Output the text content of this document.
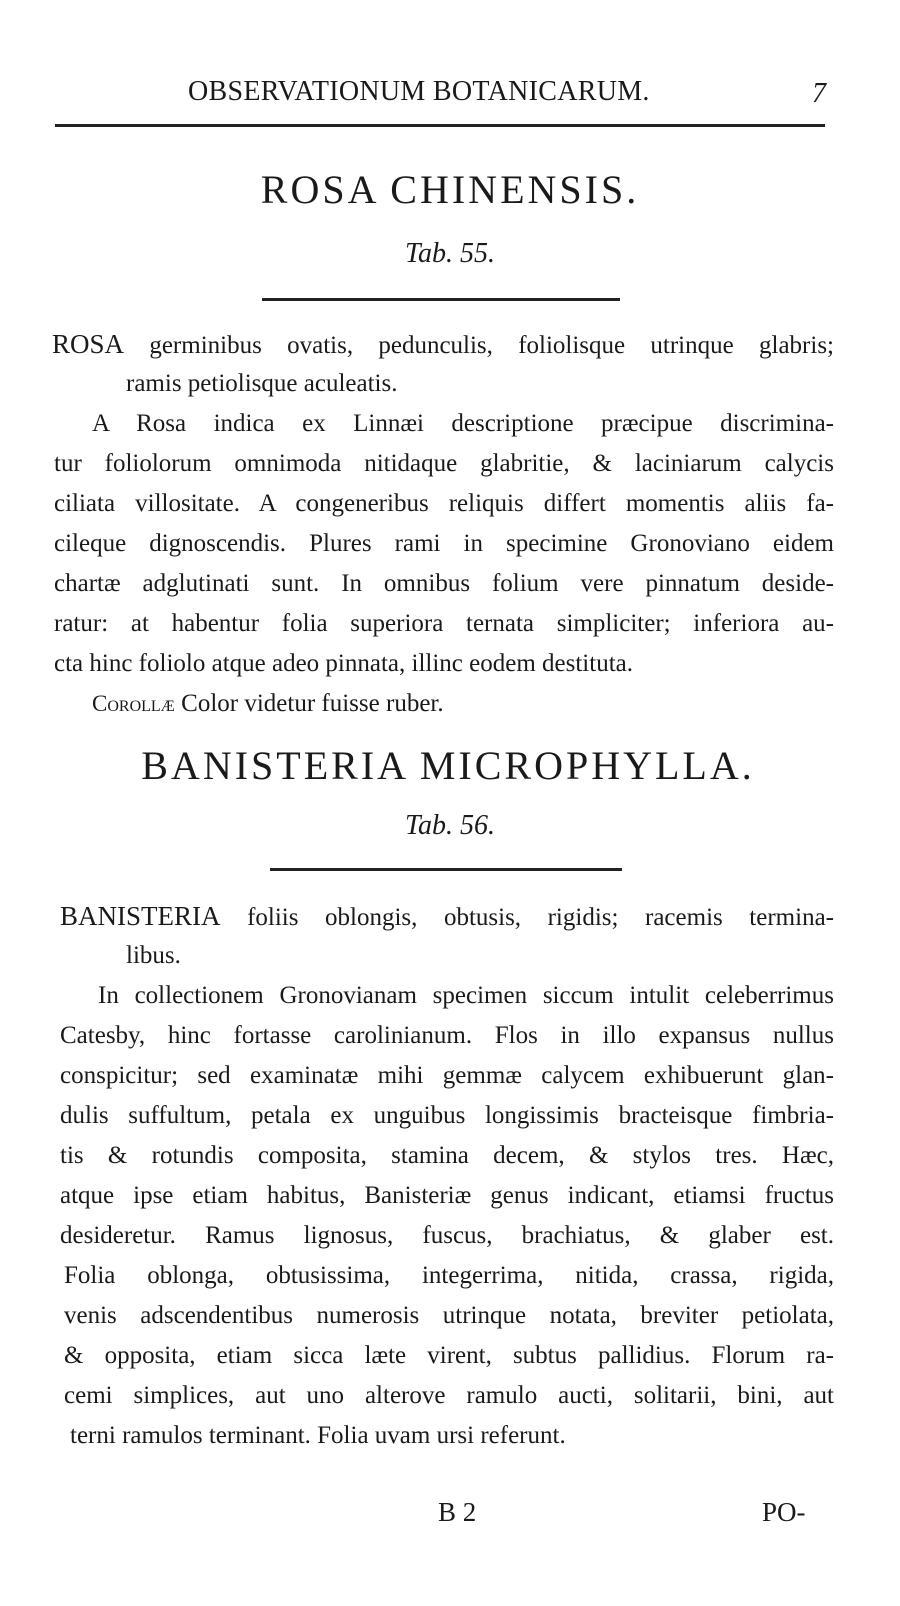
OBSERVATIONUM BOTANICARUM.	7
ROSA CHINENSIS.
Tab. 55.
ROSA germinibus ovatis, pedunculis, foliolisque utrinque glabris;
ramis petiolisque aculeatis.
A Rosa indica ex Linnæi descriptione præcipue discrimina-
tur foliolorum omnimoda nitidaque glabritie, & laciniarum calycis
ciliata villositate. A congeneribus reliquis differt momentis aliis fa-
cileque dignoscendis. Plures rami in specimine Gronoviano eidem
chartæ adglutinati sunt. In omnibus folium vere pinnatum deside-
ratur: at habentur folia superiora ternata simpliciter; inferiora au-
cta hinc foliolo atque adeo pinnata, illinc eodem destituta.
Corollæ Color videtur fuisse ruber.
BANISTERIA MICROPHYLLA.
Tab. 56.
BANISTERIA foliis oblongis, obtusis, rigidis; racemis termina-
libus.
In collectionem Gronovianam specimen siccum intulit celeberrimus
Catesby, hinc fortasse carolinianum. Flos in illo expansus nullus
conspicitur; sed examinatæ mihi gemmæ calycem exhibuerunt glan-
dulis suffultum, petala ex unguibus longissimis bracteisque fimbria-
tis & rotundis composita, stamina decem, & stylos tres. Hæc,
atque ipse etiam habitus, Banisteriæ genus indicant, etiamsi fructus
desideretur. Ramus lignosus, fuscus, brachiatus, & glaber est.
Folia oblonga, obtusissima, integerrima, nitida, crassa, rigida,
venis adscendentibus numerosis utrinque notata, breviter petiolata,
& opposita, etiam sicca læte virent, subtus pallidius. Florum ra-
cemi simplices, aut uno alterove ramulo aucti, solitarii, bini, aut
terni ramulos terminant. Folia uvam ursi referunt.
B 2	PO-
